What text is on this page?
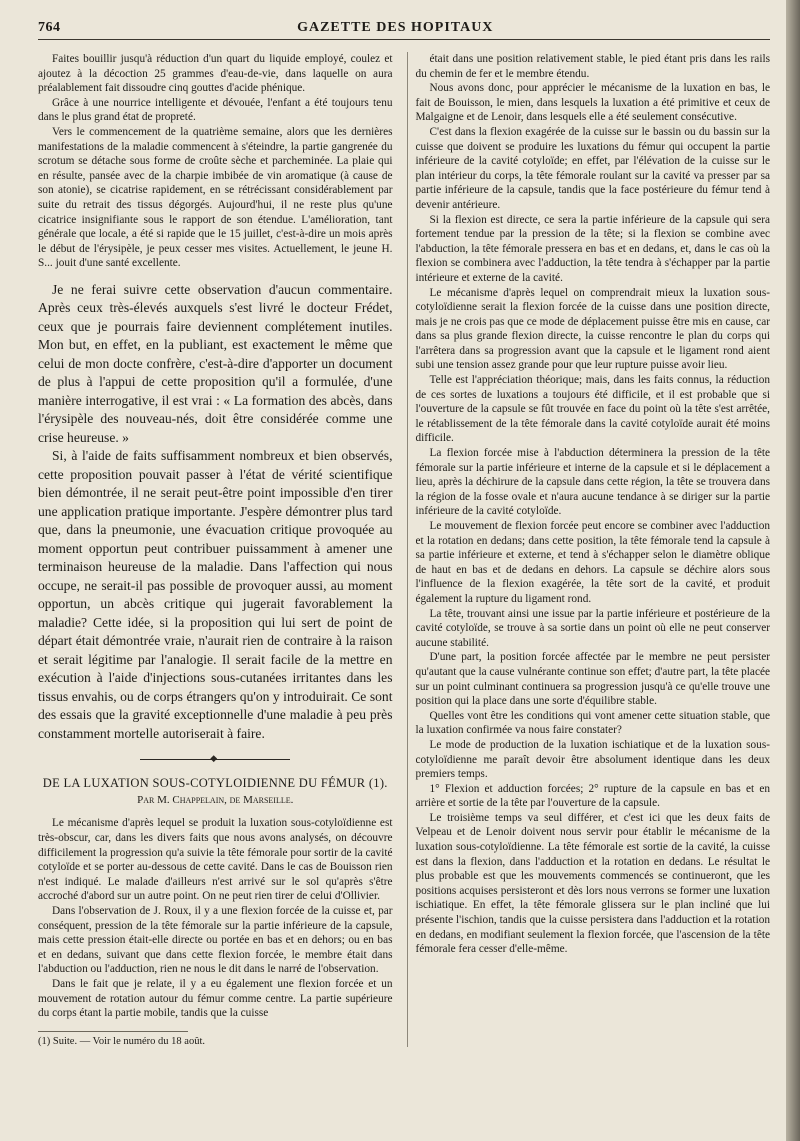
764	GAZETTE DES HOPITAUX

Faites bouillir jusqu'à réduction d'un quart du liquide employé, coulez et ajoutez à la décoction 25 grammes d'eau-de-vie, dans laquelle on aura préalablement fait dissoudre cinq gouttes d'acide phénique.

Grâce à une nourrice intelligente et dévouée, l'enfant a été toujours tenu dans le plus grand état de propreté.

Vers le commencement de la quatrième semaine, alors que les dernières manifestations de la maladie commencent à s'éteindre, la partie gangrenée du scrotum se détache sous forme de croûte sèche et parcheminée. La plaie qui en résulte, pansée avec de la charpie imbibée de vin aromatique (à cause de son atonie), se cicatrise rapidement, en se rétrécissant considérablement par suite du retrait des tissus dégorgés. Aujourd'hui, il ne reste plus qu'une cicatrice insignifiante sous le rapport de son étendue. L'amélioration, tant générale que locale, a été si rapide que le 15 juillet, c'est-à-dire un mois après le début de l'érysipèle, je peux cesser mes visites. Actuellement, le jeune H. S... jouit d'une santé excellente.

Je ne ferai suivre cette observation d'aucun commentaire. Après ceux très-élevés auxquels s'est livré le docteur Frédet, ceux que je pourrais faire deviennent complétement inutiles. Mon but, en effet, en la publiant, est exactement le même que celui de mon docte confrère, c'est-à-dire d'apporter un document de plus à l'appui de cette proposition qu'il a formulée, d'une manière interrogative, il est vrai : « La formation des abcès, dans l'érysipèle des nouveau-nés, doit être considérée comme une crise heureuse. »

Si, à l'aide de faits suffisamment nombreux et bien observés, cette proposition pouvait passer à l'état de vérité scientifique bien démontrée, il ne serait peut-être point impossible d'en tirer une application pratique importante. J'espère démontrer plus tard que, dans la pneumonie, une évacuation critique provoquée au moment opportun peut contribuer puissamment à amener une terminaison heureuse de la maladie. Dans l'affection qui nous occupe, ne serait-il pas possible de provoquer aussi, au moment opportun, un abcès critique qui jugerait favorablement la maladie? Cette idée, si la proposition qui lui sert de point de départ était démontrée vraie, n'aurait rien de contraire à la raison et serait légitime par l'analogie. Il serait facile de la mettre en exécution à l'aide d'injections sous-cutanées irritantes dans les tissus envahis, ou de corps étrangers qu'on y introduirait. Ce sont des essais que la gravité exceptionnelle d'une maladie à peu près constamment mortelle autoriserait à faire.

◆

DE LA LUXATION SOUS-COTYLOIDIENNE DU FÉMUR (1).

Par M. Chappelain, de Marseille.

Le mécanisme d'après lequel se produit la luxation sous-cotyloïdienne est très-obscur, car, dans les divers faits que nous avons analysés, on découvre difficilement la progression qu'a suivie la tête fémorale pour sortir de la cavité cotyloïde et se porter au-dessous de cette cavité. Dans le cas de Bouisson rien n'est indiqué. Le malade d'ailleurs n'est arrivé sur le sol qu'après s'être accroché d'abord sur un autre point. On ne peut rien tirer de celui d'Ollivier.

Dans l'observation de J. Roux, il y a une flexion forcée de la cuisse et, par conséquent, pression de la tête fémorale sur la partie inférieure de la capsule, mais cette pression était-elle directe ou portée en bas et en dehors; ou en bas et en dedans, suivant que dans cette flexion forcée, le membre était dans l'abduction ou l'adduction, rien ne nous le dit dans le narré de l'observation.

Dans le fait que je relate, il y a eu également une flexion forcée et un mouvement de rotation autour du fémur comme centre. La partie supérieure du corps étant la partie mobile, tandis que la cuisse

(1) Suite. — Voir le numéro du 18 août.

était dans une position relativement stable, le pied étant pris dans les rails du chemin de fer et le membre étendu.

Nous avons donc, pour apprécier le mécanisme de la luxation en bas, le fait de Bouisson, le mien, dans lesquels la luxation a été primitive et ceux de Malgaigne et de Lenoir, dans lesquels elle a été seulement consécutive.

C'est dans la flexion exagérée de la cuisse sur le bassin ou du bassin sur la cuisse que doivent se produire les luxations du fémur qui occupent la partie inférieure de la cavité cotyloïde; en effet, par l'élévation de la cuisse sur le plan intérieur du corps, la tête fémorale roulant sur la cavité va presser par sa partie inférieure de la capsule, tandis que la face postérieure du fémur tend à devenir antérieure.

Si la flexion est directe, ce sera la partie inférieure de la capsule qui sera fortement tendue par la pression de la tête; si la flexion se combine avec l'abduction, la tête fémorale pressera en bas et en dedans, et, dans le cas où la flexion se combinera avec l'adduction, la tête tendra à s'échapper par la partie intérieure et externe de la cavité.

Le mécanisme d'après lequel on comprendrait mieux la luxation sous-cotyloïdienne serait la flexion forcée de la cuisse dans une position directe, mais je ne crois pas que ce mode de déplacement puisse être mis en cause, car dans sa plus grande flexion directe, la cuisse rencontre le plan du corps qui l'arrêtera dans sa progression avant que la capsule et le ligament rond aient subi une tension assez grande pour que leur rupture puisse avoir lieu.

Telle est l'appréciation théorique; mais, dans les faits connus, la réduction de ces sortes de luxations a toujours été difficile, et il est probable que si l'ouverture de la capsule se fût trouvée en face du point où la tête s'est arrêtée, le rétablissement de la tête fémorale dans la cavité cotyloïde aurait été moins difficile.

La flexion forcée mise à l'abduction déterminera la pression de la tête fémorale sur la partie inférieure et interne de la capsule et si le déplacement a lieu, après la déchirure de la capsule dans cette région, la tête se trouvera dans la région de la fosse ovale et n'aura aucune tendance à se diriger sur la partie inférieure de la cavité cotyloïde.

Le mouvement de flexion forcée peut encore se combiner avec l'adduction et la rotation en dedans; dans cette position, la tête fémorale tend la capsule à sa partie inférieure et externe, et tend à s'échapper selon le diamètre oblique de haut en bas et de dedans en dehors. La capsule se déchire alors sous l'influence de la flexion exagérée, la tête sort de la cavité, et produit également la rupture du ligament rond.

La tête, trouvant ainsi une issue par la partie inférieure et postérieure de la cavité cotyloïde, se trouve à sa sortie dans un point où elle ne peut conserver aucune stabilité.

D'une part, la position forcée affectée par le membre ne peut persister qu'autant que la cause vulnérante continue son effet; d'autre part, la tête placée sur un point culminant continuera sa progression jusqu'à ce qu'elle trouve une position qui la place dans une sorte d'équilibre stable.

Quelles vont être les conditions qui vont amener cette situation stable, que la luxation confirmée va nous faire constater?

Le mode de production de la luxation ischiatique et de la luxation sous-cotyloïdienne me paraît devoir être absolument identique dans les deux premiers temps.

1° Flexion et adduction forcées; 2° rupture de la capsule en bas et en arrière et sortie de la tête par l'ouverture de la capsule.

Le troisième temps va seul différer, et c'est ici que les deux faits de Velpeau et de Lenoir doivent nous servir pour établir le mécanisme de la luxation sous-cotyloïdienne. La tête fémorale est sortie de la cavité, la cuisse est dans la flexion, dans l'adduction et la rotation en dedans. Le résultat le plus probable est que les mouvements commencés se continueront, que les positions acquises persisteront et dès lors nous verrons se former une luxation ischiatique. En effet, la tête fémorale glissera sur le plan incliné que lui présente l'ischion, tandis que la cuisse persistera dans l'adduction et la rotation en dedans, en modifiant seulement la flexion forcée, que l'ascension de la tête fémorale fera cesser d'elle-même.
